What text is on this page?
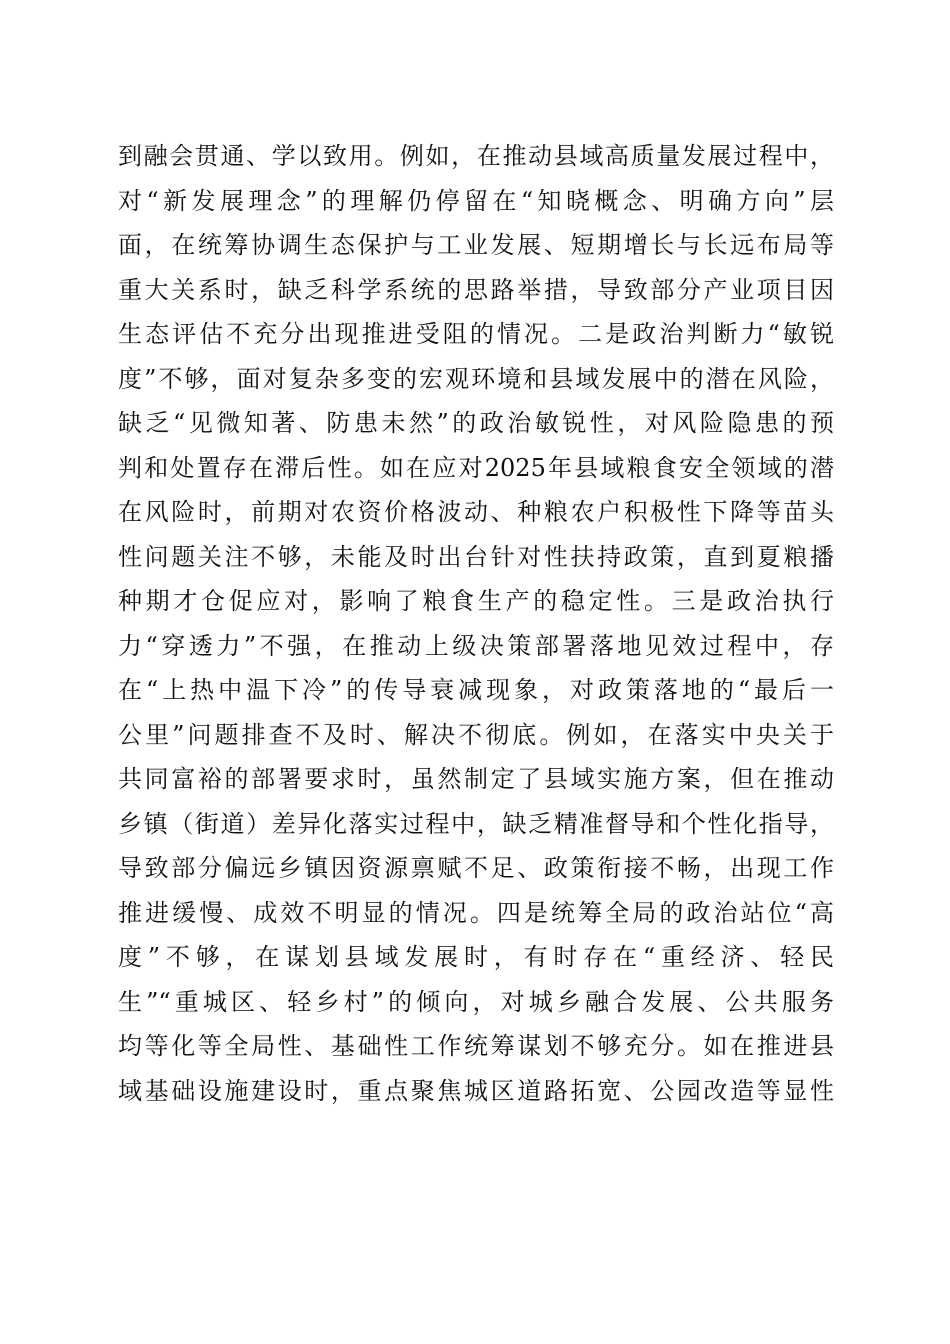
到融会贯通、学以致用。例如，在推动县域高质量发展过程中，
对“新发展理念”的理解仍停留在“知晓概念、明确方向”层
面，在统筹协调生态保护与工业发展、短期增长与长远布局等
重大关系时，缺乏科学系统的思路举措，导致部分产业项目因
生态评估不充分出现推进受阻的情况。二是政治判断力“敏锐
度”不够，面对复杂多变的宏观环境和县域发展中的潜在风险，
缺乏“见微知著、防患未然”的政治敏锐性，对风险隐患的预
判和处置存在滞后性。如在应对2025年县域粮食安全领域的潜
在风险时，前期对农资价格波动、种粮农户积极性下降等苗头
性问题关注不够，未能及时出台针对性扶持政策，直到夏粮播
种期才仓促应对，影响了粮食生产的稳定性。三是政治执行
力“穿透力”不强，在推动上级决策部署落地见效过程中，存
在“上热中温下冷”的传导衰减现象，对政策落地的“最后一
公里”问题排查不及时、解决不彻底。例如，在落实中央关于
共同富裕的部署要求时，虽然制定了县域实施方案，但在推动
乡镇（街道）差异化落实过程中，缺乏精准督导和个性化指导，
导致部分偏远乡镇因资源禀赋不足、政策衔接不畅，出现工作
推进缓慢、成效不明显的情况。四是统筹全局的政治站位“高
度”不够，在谋划县域发展时，有时存在“重经济、轻民
生”“重城区、轻乡村”的倾向，对城乡融合发展、公共服务
均等化等全局性、基础性工作统筹谋划不够充分。如在推进县
域基础设施建设时，重点聚焦城区道路拓宽、公园改造等显性
